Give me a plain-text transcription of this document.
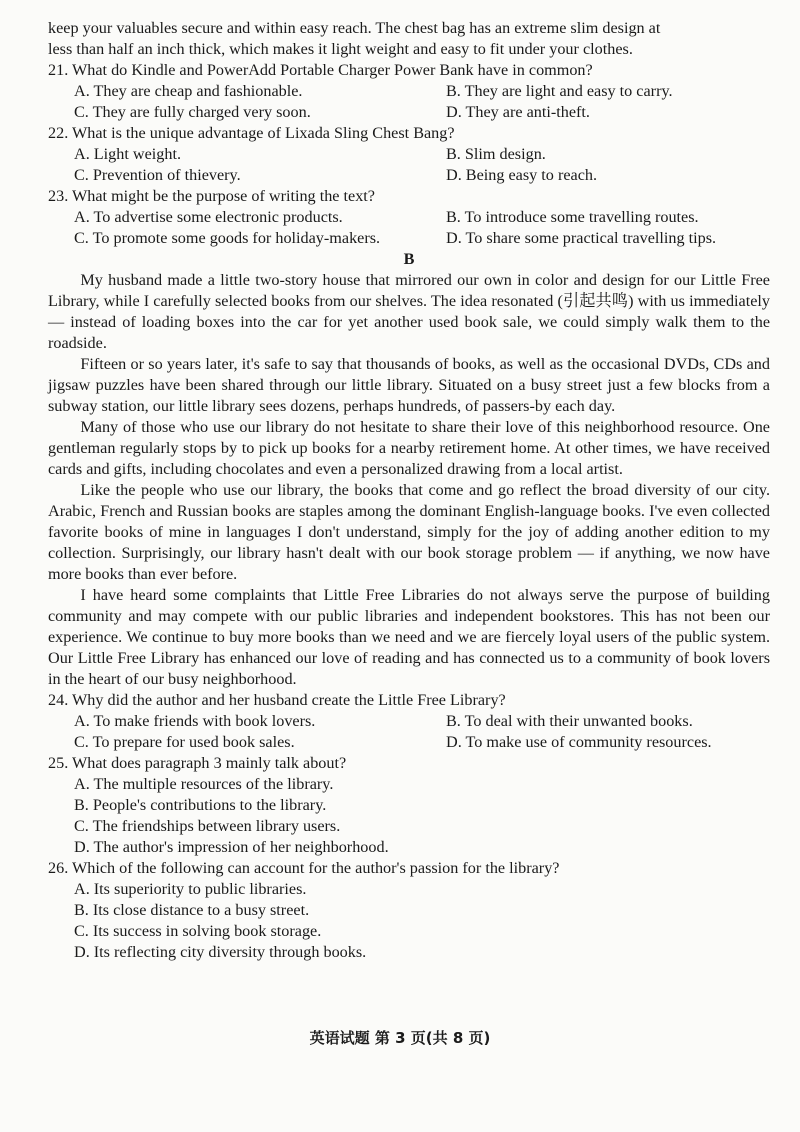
keep your valuables secure and within easy reach. The chest bag has an extreme slim design at

less than half an inch thick, which makes it light weight and easy to fit under your clothes.

21. What do Kindle and PowerAdd Portable Charger Power Bank have in common?

A. They are cheap and fashionable.	B. They are light and easy to carry.
C. They are fully charged very soon.	D. They are anti-theft.

22. What is the unique advantage of Lixada Sling Chest Bang?

A. Light weight.	B. Slim design.
C. Prevention of thievery.	D. Being easy to reach.

23. What might be the purpose of writing the text?

A. To advertise some electronic products.	B. To introduce some travelling routes.
C. To promote some goods for holiday-makers.	D. To share some practical travelling tips.

B

My husband made a little two-story house that mirrored our own in color and design for our Little Free Library, while I carefully selected books from our shelves. The idea resonated (引起共鸣) with us immediately — instead of loading boxes into the car for yet another used book sale, we could simply walk them to the roadside.

Fifteen or so years later, it's safe to say that thousands of books, as well as the occasional DVDs, CDs and jigsaw puzzles have been shared through our little library. Situated on a busy street just a few blocks from a subway station, our little library sees dozens, perhaps hundreds, of passers-by each day.

Many of those who use our library do not hesitate to share their love of this neighborhood resource. One gentleman regularly stops by to pick up books for a nearby retirement home. At other times, we have received cards and gifts, including chocolates and even a personalized drawing from a local artist.

Like the people who use our library, the books that come and go reflect the broad diversity of our city. Arabic, French and Russian books are staples among the dominant English-language books. I've even collected favorite books of mine in languages I don't understand, simply for the joy of adding another edition to my collection. Surprisingly, our library hasn't dealt with our book storage problem — if anything, we now have more books than ever before.

I have heard some complaints that Little Free Libraries do not always serve the purpose of building community and may compete with our public libraries and independent bookstores. This has not been our experience. We continue to buy more books than we need and we are fiercely loyal users of the public system. Our Little Free Library has enhanced our love of reading and has connected us to a community of book lovers in the heart of our busy neighborhood.

24. Why did the author and her husband create the Little Free Library?

A. To make friends with book lovers.	B. To deal with their unwanted books.
C. To prepare for used book sales.	D. To make use of community resources.

25. What does paragraph 3 mainly talk about?

A. The multiple resources of the library.
B. People's contributions to the library.
C. The friendships between library users.
D. The author's impression of her neighborhood.

26. Which of the following can account for the author's passion for the library?

A. Its superiority to public libraries.
B. Its close distance to a busy street.
C. Its success in solving book storage.
D. Its reflecting city diversity through books.
英语试题 第 3 页(共 8 页)
